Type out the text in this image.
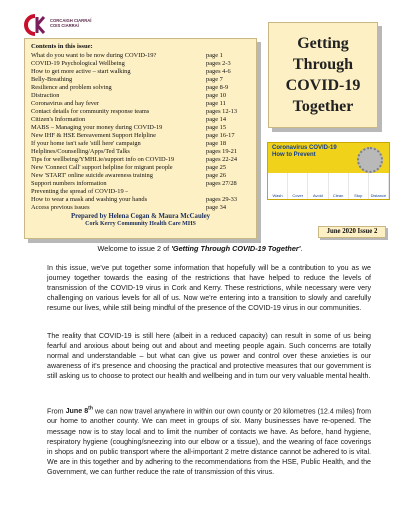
CORCAIGH CIARRAÍ
COIS CIARRAÍ
Contents in this issue:
What do you want to be now during COVID-19?	page 1
COVID-19 Psychological Wellbeing	pages 2-3
How to get more active – start walking	pages 4-6
Belly-Breathing	page 7
Resilience and problem solving	page 8-9
Distraction	page 10
Coronavirus and hay fever	page 11
Contact details for community response teams	pages 12-13
Citizen's Information	page 14
MABS – Managing your money during COVID-19	page 15
New IHF & HSE Bereavement Support Helpline	page 16-17
If your home isn't safe 'still here' campaign	page 18
Helplines/Counselling/Apps/Ted Talks	pages 19-21
Tips for wellbeing/YMHI.ie/support info on COVID-19	pages 22-24
New 'Connect Call' support helpline for migrant people	page 25
New 'START' online suicide awareness training	page 26
Support numbers information	pages 27/28
Preventing the spread of COVID-19 –
How to wear a mask and washing your hands	pages 29-33
Access previous issues	page 34
Prepared by Helena Cogan & Maura McCauley
Cork Kerry Community Health Care MHS
Getting
Through
COVID-19
Together
Coronavirus COVID-19
How to Prevent
Wash	Cover	Avoid	Clean	Stop	Distance
June 2020 Issue 2
Welcome to issue 2 of 'Getting Through COVID-19 Together'.

In this issue, we've put together some information that hopefully will be a contribution to you as we journey together towards the easing of the restrictions that have helped to reduce the levels of transmission of the COVID-19 virus in Cork and Kerry. These restrictions, while necessary were very challenging on various levels for all of us. Now we're entering into a transition to slowly and carefully resume our lives, while still being mindful of the presence of the COVID-19 virus in our communities.

The reality that COVID-19 is still here (albeit in a reduced capacity) can result in some of us being fearful and anxious about being out and about and meeting people again. Such concerns are totally normal and understandable – but what can give us power and control over these anxieties is our awareness of it's presence and choosing the practical and protective measures that our government is still asking us to choose to protect our health and wellbeing and in turn our very valuable mental health.

From June 8th we can now travel anywhere in within our own county or 20 kilometres (12.4 miles) from our home to another county. We can meet in groups of six. Many businesses have re-opened. The message now is to stay local and to limit the number of contacts we have. As before, hand hygiene, respiratory hygiene (coughing/sneezing into our elbow or a tissue), and the wearing of face coverings in shops and on public transport where the all-important 2 metre distance cannot be adhered to is vital. We are in this together and by adhering to the recommendations from the HSE, Public Health, and the Government, we can further reduce the rate of transmission of this virus.
